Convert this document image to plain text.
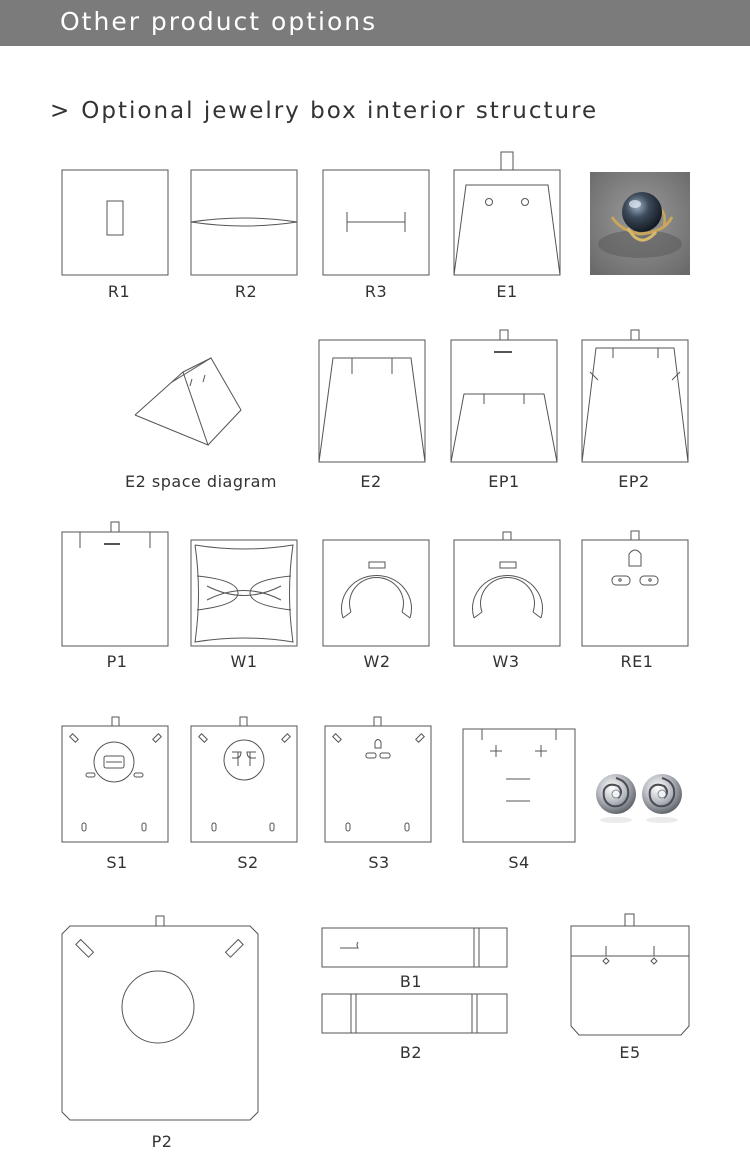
Other product options
> Optional jewelry box interior structure
R1	R2	R3	E1
E2 space diagram	E2	EP1	EP2
P1	W1	W2	W3	RE1
S1	S2	S3	S4
P2
B1
B2	E5
